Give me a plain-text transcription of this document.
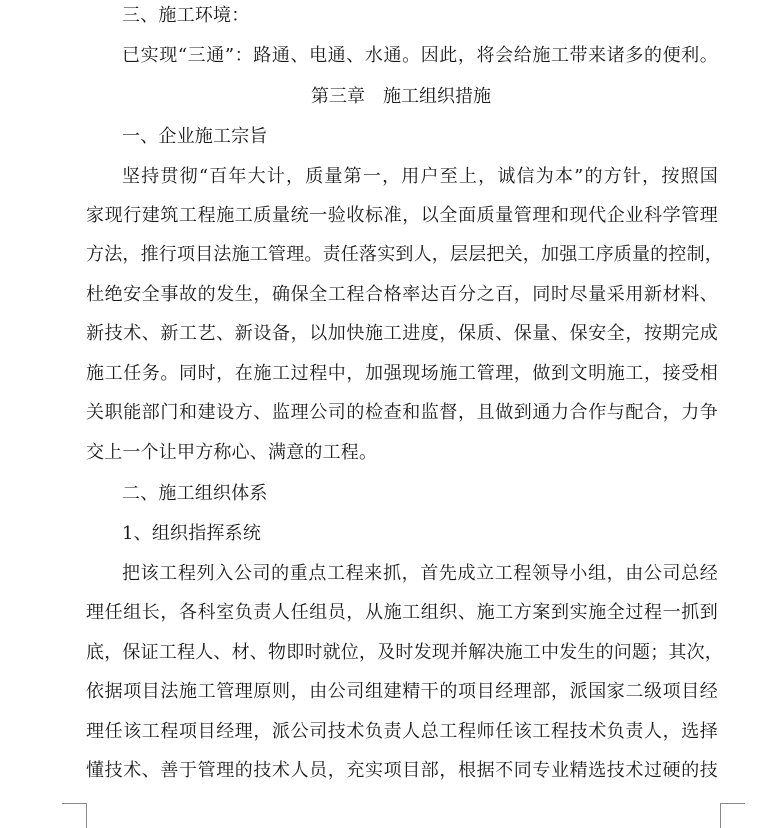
三、施工环境：
已实现“三通”：路通、电通、水通。因此，将会给施工带来诸多的便利。
第三章　施工组织措施
一、企业施工宗旨
坚持贯彻“百年大计，质量第一，用户至上，诚信为本”的方针，按照国
家现行建筑工程施工质量统一验收标准，以全面质量管理和现代企业科学管理
方法，推行项目法施工管理。责任落实到人，层层把关，加强工序质量的控制，
杜绝安全事故的发生，确保全工程合格率达百分之百，同时尽量采用新材料、
新技术、新工艺、新设备，以加快施工进度，保质、保量、保安全，按期完成
施工任务。同时，在施工过程中，加强现场施工管理，做到文明施工，接受相
关职能部门和建设方、监理公司的检查和监督，且做到通力合作与配合，力争
交上一个让甲方称心、满意的工程。
二、施工组织体系
1、组织指挥系统
把该工程列入公司的重点工程来抓，首先成立工程领导小组，由公司总经
理任组长，各科室负责人任组员，从施工组织、施工方案到实施全过程一抓到
底，保证工程人、材、物即时就位，及时发现并解决施工中发生的问题；其次，
依据项目法施工管理原则，由公司组建精干的项目经理部，派国家二级项目经
理任该工程项目经理，派公司技术负责人总工程师任该工程技术负责人，选择
懂技术、善于管理的技术人员，充实项目部，根据不同专业精选技术过硬的技
